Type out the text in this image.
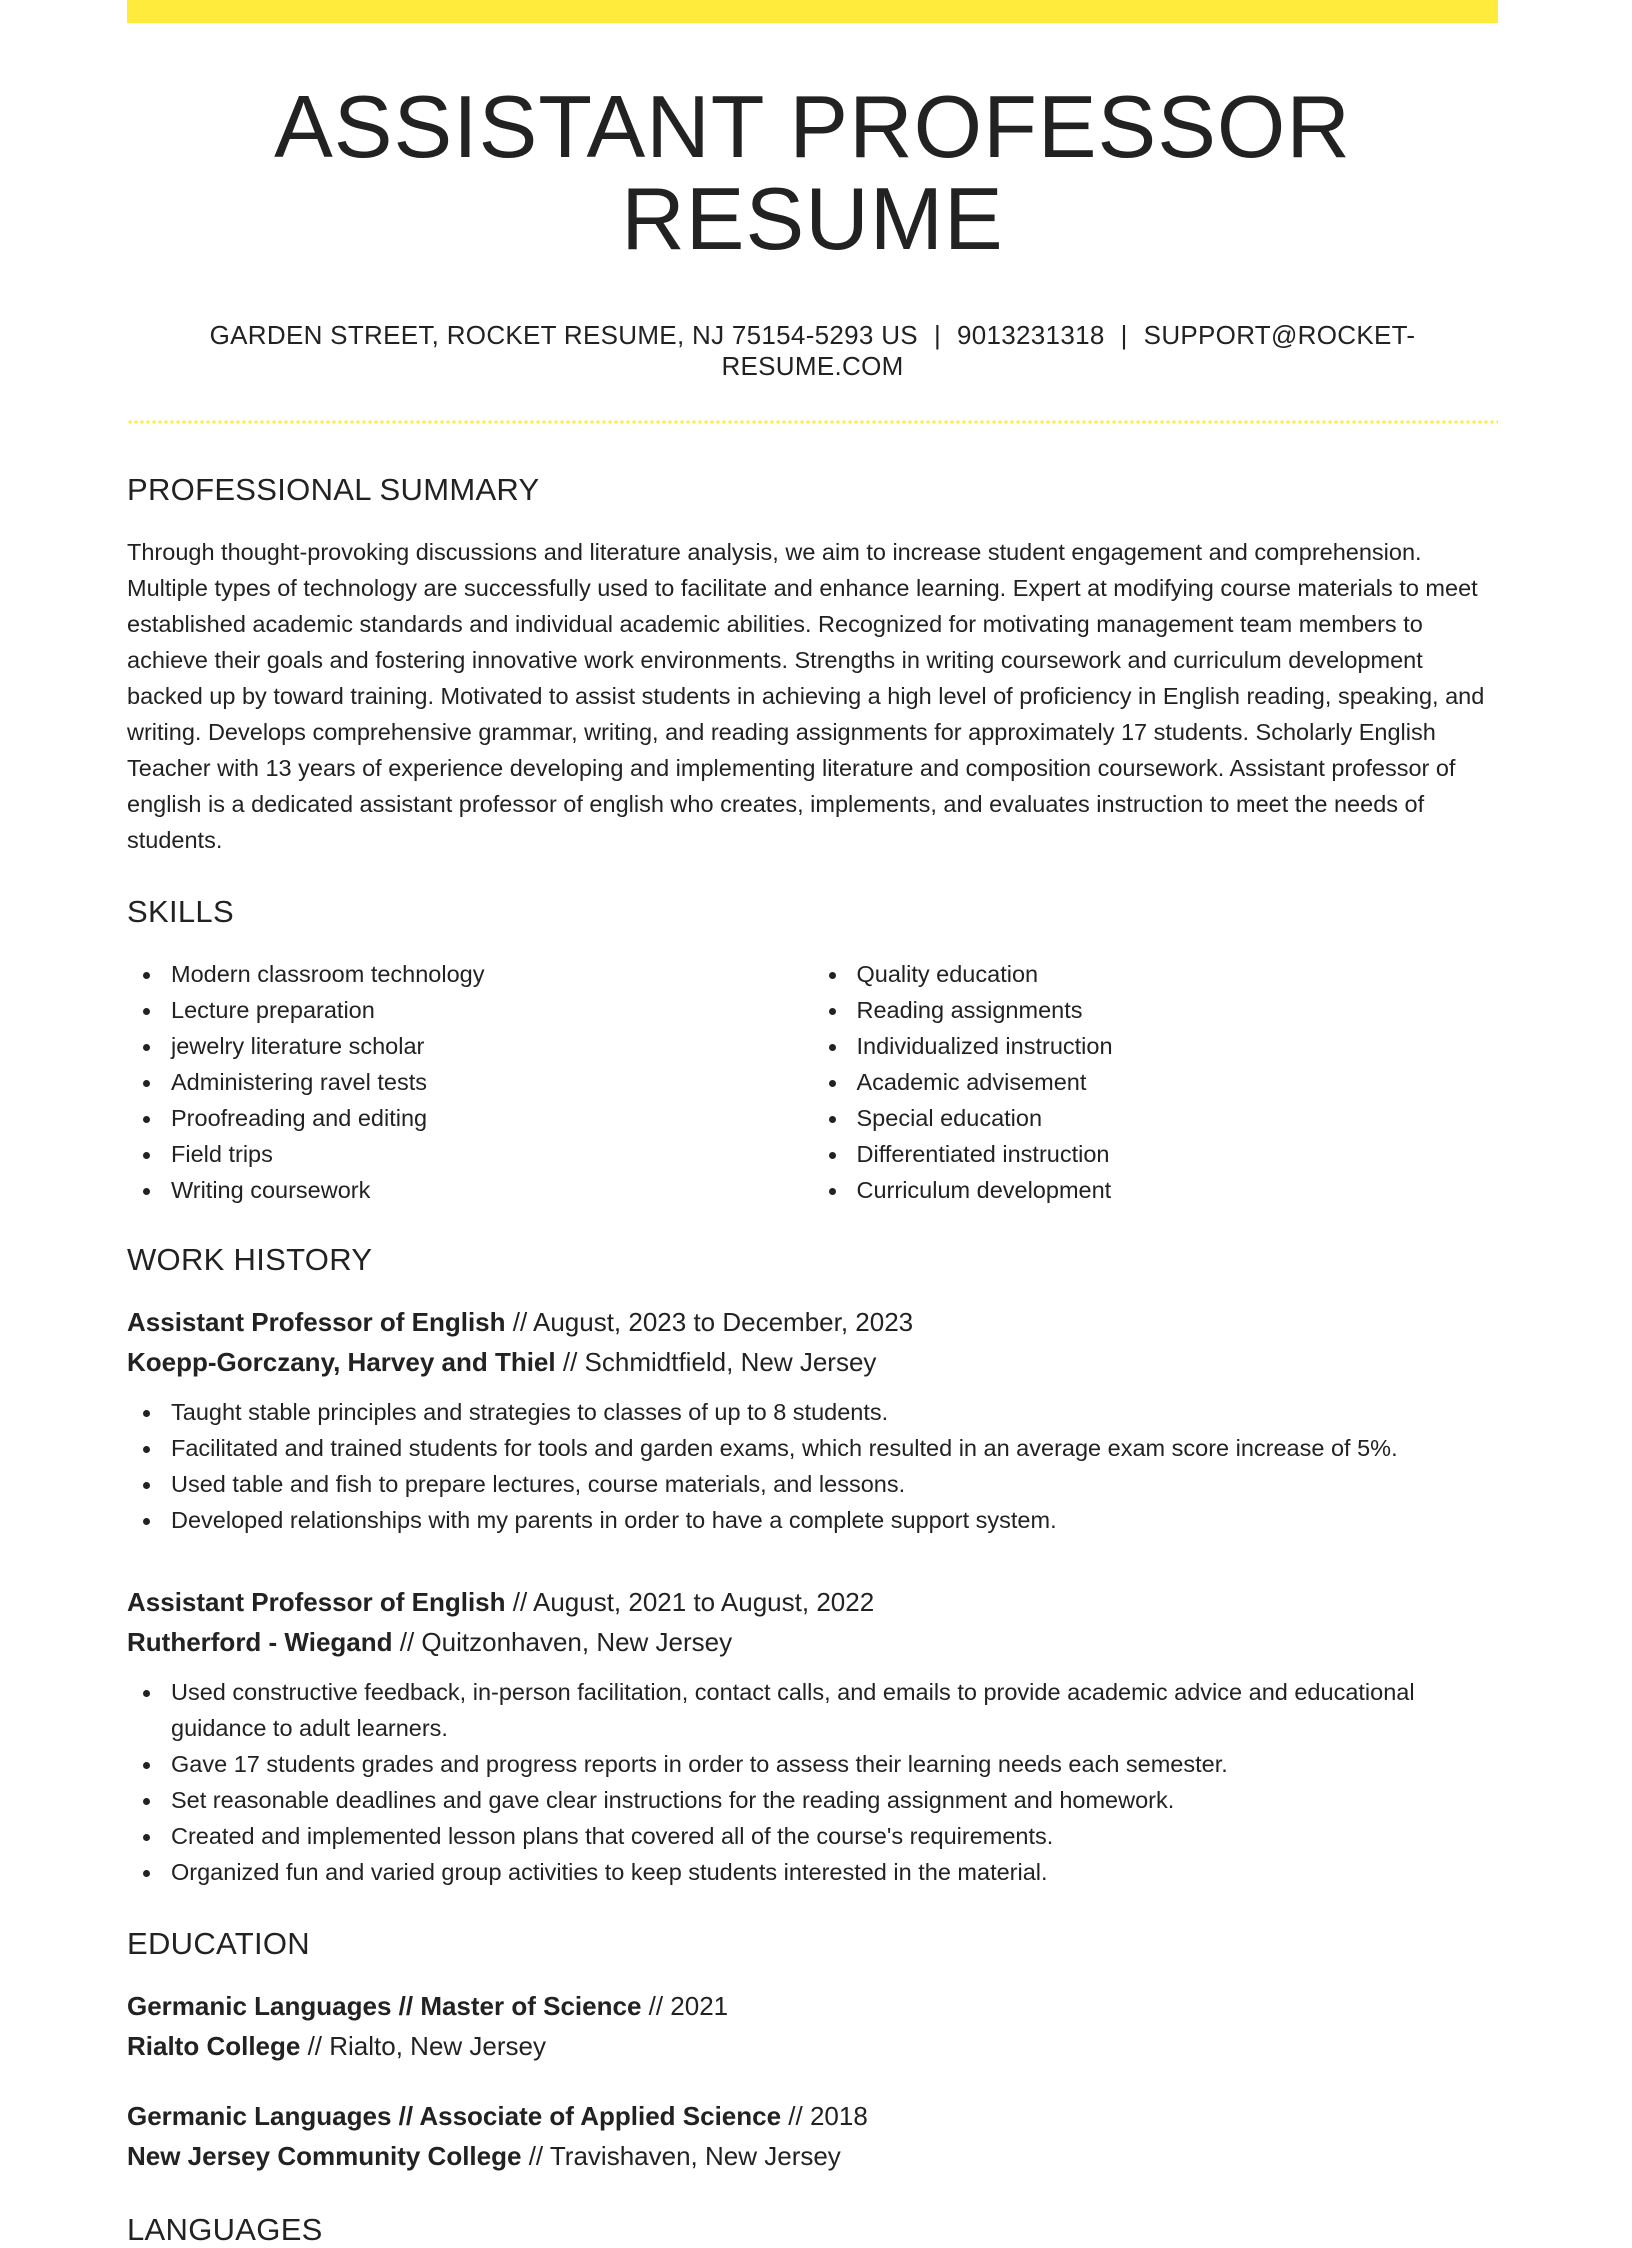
ASSISTANT PROFESSOR RESUME
GARDEN STREET, ROCKET RESUME, NJ 75154-5293 US | 9013231318 | SUPPORT@ROCKET-RESUME.COM
PROFESSIONAL SUMMARY

Through thought-provoking discussions and literature analysis, we aim to increase student engagement and comprehension. Multiple types of technology are successfully used to facilitate and enhance learning. Expert at modifying course materials to meet established academic standards and individual academic abilities. Recognized for motivating management team members to achieve their goals and fostering innovative work environments. Strengths in writing coursework and curriculum development backed up by toward training. Motivated to assist students in achieving a high level of proficiency in English reading, speaking, and writing. Develops comprehensive grammar, writing, and reading assignments for approximately 17 students. Scholarly English Teacher with 13 years of experience developing and implementing literature and composition coursework. Assistant professor of english is a dedicated assistant professor of english who creates, implements, and evaluates instruction to meet the needs of students.

SKILLS
Modern classroom technology
Lecture preparation
jewelry literature scholar
Administering ravel tests
Proofreading and editing
Field trips
Writing coursework
Quality education
Reading assignments
Individualized instruction
Academic advisement
Special education
Differentiated instruction
Curriculum development
WORK HISTORY
Assistant Professor of English // August, 2023 to December, 2023
Koepp-Gorczany, Harvey and Thiel // Schmidtfield, New Jersey
Taught stable principles and strategies to classes of up to 8 students.
Facilitated and trained students for tools and garden exams, which resulted in an average exam score increase of 5%.
Used table and fish to prepare lectures, course materials, and lessons.
Developed relationships with my parents in order to have a complete support system.
Assistant Professor of English // August, 2021 to August, 2022
Rutherford - Wiegand // Quitzonhaven, New Jersey
Used constructive feedback, in-person facilitation, contact calls, and emails to provide academic advice and educational guidance to adult learners.
Gave 17 students grades and progress reports in order to assess their learning needs each semester.
Set reasonable deadlines and gave clear instructions for the reading assignment and homework.
Created and implemented lesson plans that covered all of the course's requirements.
Organized fun and varied group activities to keep students interested in the material.
EDUCATION
Germanic Languages // Master of Science // 2021
Rialto College // Rialto, New Jersey
Germanic Languages // Associate of Applied Science // 2018
New Jersey Community College // Travishaven, New Jersey
LANGUAGES
